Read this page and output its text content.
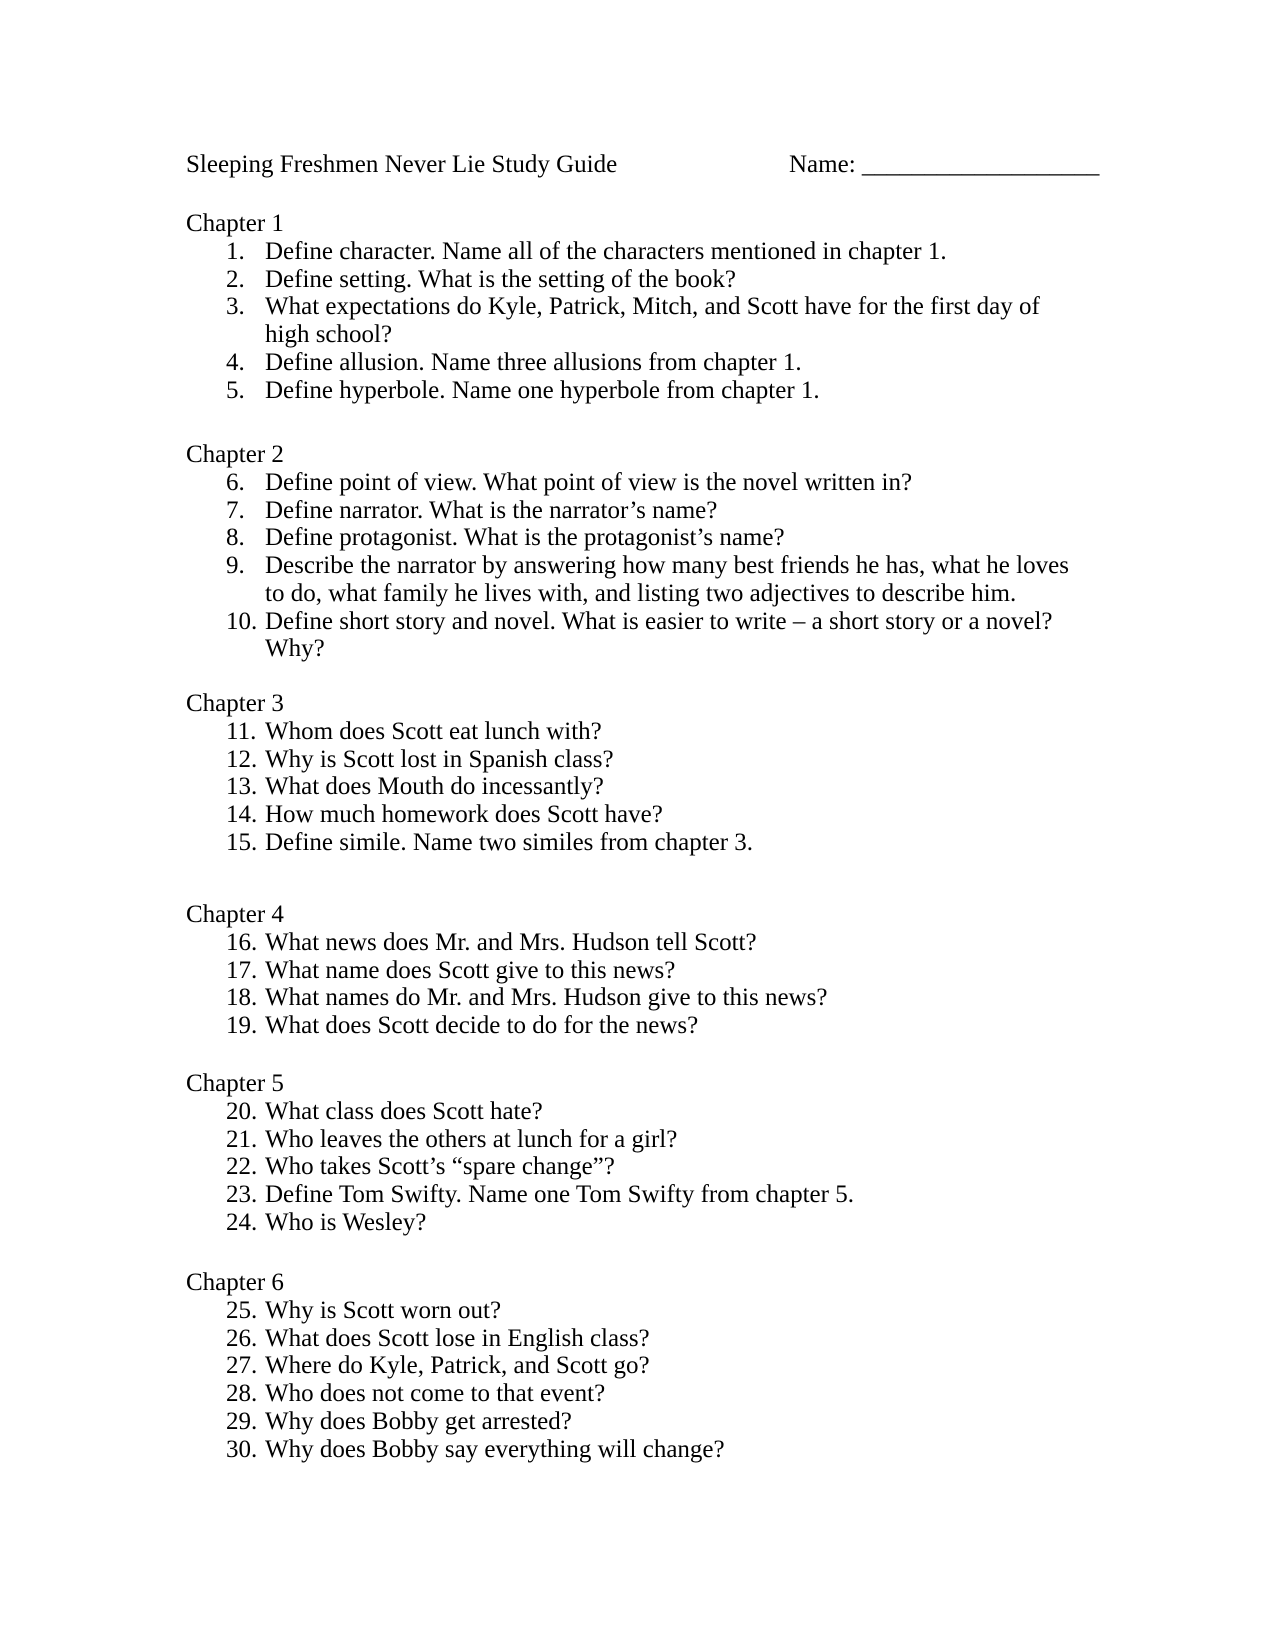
Sleeping Freshmen Never Lie Study Guide	Name: ___________________
Chapter 1
1. Define character. Name all of the characters mentioned in chapter 1.
2. Define setting. What is the setting of the book?
3. What expectations do Kyle, Patrick, Mitch, and Scott have for the first day of
high school?
4. Define allusion. Name three allusions from chapter 1.
5. Define hyperbole. Name one hyperbole from chapter 1.
Chapter 2
6. Define point of view. What point of view is the novel written in?
7. Define narrator. What is the narrator’s name?
8. Define protagonist. What is the protagonist’s name?
9. Describe the narrator by answering how many best friends he has, what he loves
to do, what family he lives with, and listing two adjectives to describe him.
10. Define short story and novel. What is easier to write – a short story or a novel?
Why?
Chapter 3
11. Whom does Scott eat lunch with?
12. Why is Scott lost in Spanish class?
13. What does Mouth do incessantly?
14. How much homework does Scott have?
15. Define simile. Name two similes from chapter 3.
Chapter 4
16. What news does Mr. and Mrs. Hudson tell Scott?
17. What name does Scott give to this news?
18. What names do Mr. and Mrs. Hudson give to this news?
19. What does Scott decide to do for the news?
Chapter 5
20. What class does Scott hate?
21. Who leaves the others at lunch for a girl?
22. Who takes Scott’s “spare change”?
23. Define Tom Swifty. Name one Tom Swifty from chapter 5.
24. Who is Wesley?
Chapter 6
25. Why is Scott worn out?
26. What does Scott lose in English class?
27. Where do Kyle, Patrick, and Scott go?
28. Who does not come to that event?
29. Why does Bobby get arrested?
30. Why does Bobby say everything will change?
